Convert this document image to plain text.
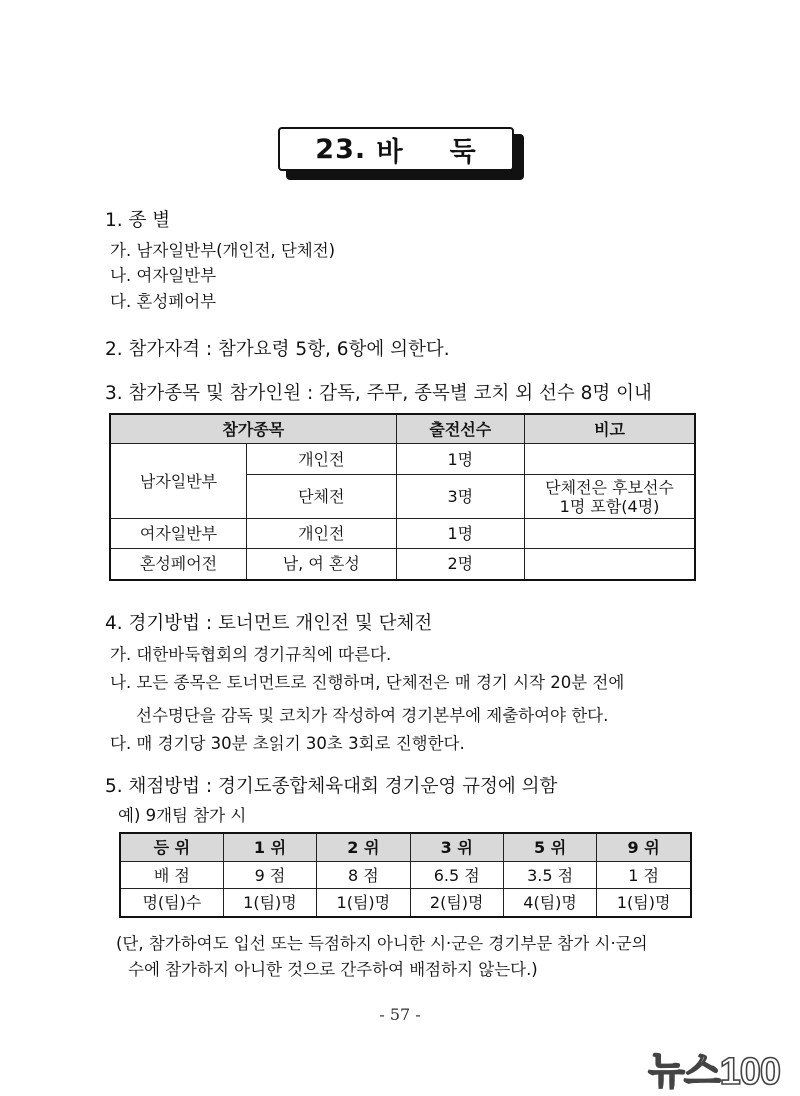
23.
바 둑
1. 종 별
가. 남자일반부(개인전, 단체전)
나. 여자일반부
다. 혼성페어부
2. 참가자격 : 참가요령 5항, 6항에 의한다.
3. 참가종목 및 참가인원 : 감독, 주무, 종목별 코치 외 선수 8명 이내
참가종목		출전선수	비고
남자일반부	개인전	1명	
	단체전	3명	단체전은 후보선수
1명 포함(4명)

여자일반부	개인전	1명	
혼성페어전	남, 여 혼성	2명	
4. 경기방법 : 토너먼트 개인전 및 단체전
가. 대한바둑협회의 경기규칙에 따른다.
나. 모든 종목은 토너먼트로 진행하며, 단체전은 매 경기 시작 20분 전에
선수명단을 감독 및 코치가 작성하여 경기본부에 제출하여야 한다.
다. 매 경기당 30분 초읽기 30초 3회로 진행한다.
5. 채점방법 : 경기도종합체육대회 경기운영 규정에 의함
예) 9개팀 참가 시
등 위	1 위	2 위	3 위	5 위	9 위
배 점	9 점	8 점	6.5 점	3.5 점	1 점
명(팀)수	1(팀)명	1(팀)명	2(팀)명	4(팀)명	1(팀)명
(단, 참가하여도 입선 또는 득점하지 아니한 시·군은 경기부문 참가 시·군의
수에 참가하지 아니한 것으로 간주하여 배점하지 않는다.)
- 57 -
뉴스100
